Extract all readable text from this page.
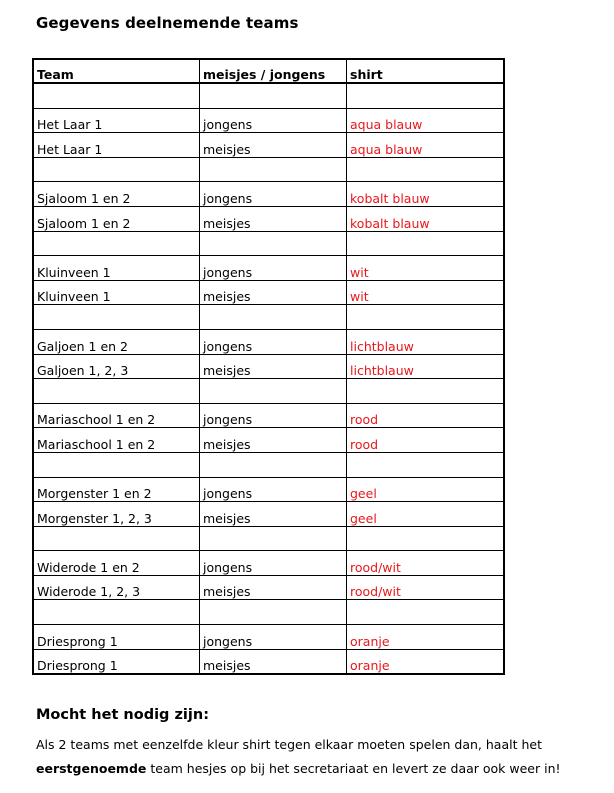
Gegevens deelnemende teams
Team	meisjes / jongens	shirt

Het Laar 1	jongens	aqua blauw
Het Laar 1	meisjes	aqua blauw

Sjaloom 1 en 2	jongens	kobalt blauw
Sjaloom 1 en 2	meisjes	kobalt blauw

Kluinveen 1	jongens	wit
Kluinveen 1	meisjes	wit

Galjoen 1 en 2	jongens	lichtblauw
Galjoen 1, 2, 3	meisjes	lichtblauw

Mariaschool 1 en 2	jongens	rood
Mariaschool 1 en 2	meisjes	rood

Morgenster 1 en 2	jongens	geel
Morgenster 1, 2, 3	meisjes	geel

Widerode 1 en 2	jongens	rood/wit
Widerode 1, 2, 3	meisjes	rood/wit

Driesprong 1	jongens	oranje
Driesprong 1	meisjes	oranje
Mocht het nodig zijn:
Als 2 teams met eenzelfde kleur shirt tegen elkaar moeten spelen dan, haalt het
eerstgenoemde team hesjes op bij het secretariaat en levert ze daar ook weer in!
